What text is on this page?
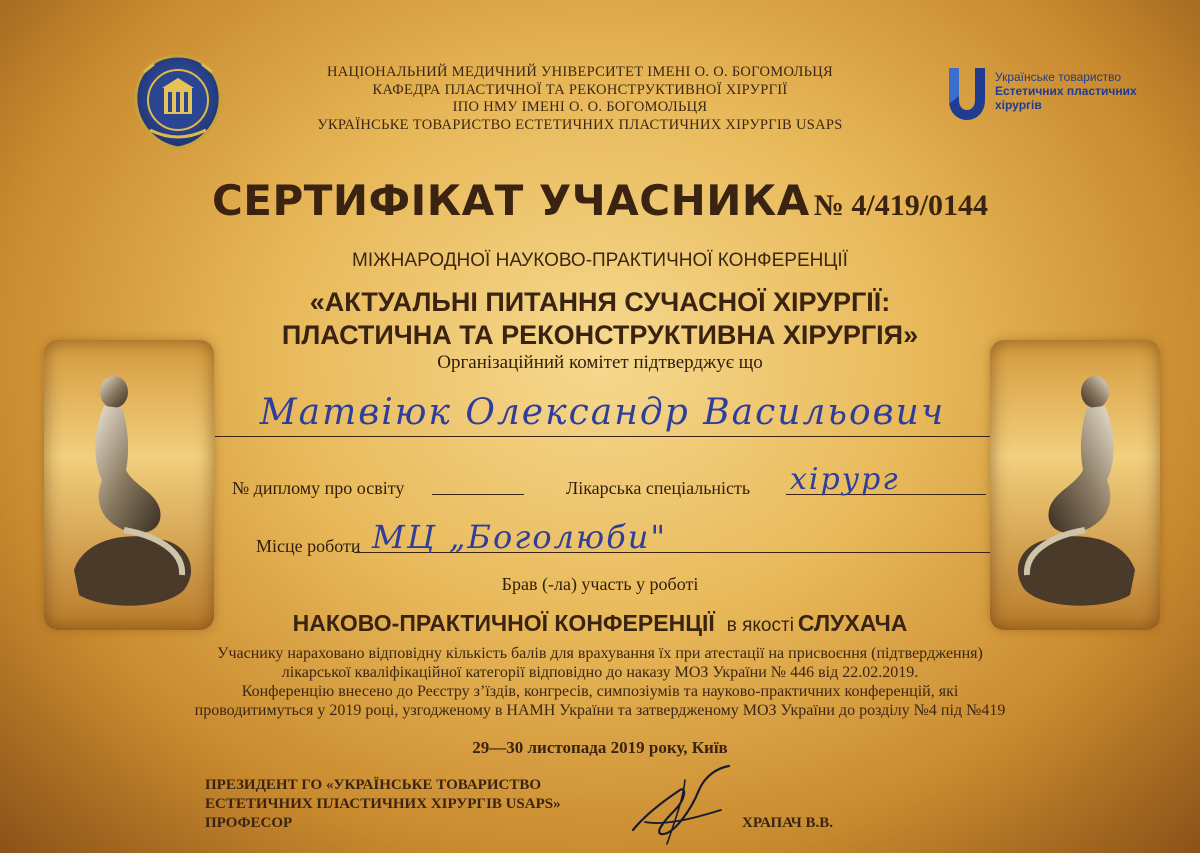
НАЦІОНАЛЬНИЙ МЕДИЧНИЙ УНІВЕРСИТЕТ ІМЕНІ О. О. БОГОМОЛЬЦЯ
КАФЕДРА ПЛАСТИЧНОЇ ТА РЕКОНСТРУКТИВНОЇ ХІРУРГІЇ
ІПО НМУ ІМЕНІ О. О. БОГОМОЛЬЦЯ
УКРАЇНСЬКЕ ТОВАРИСТВО ЕСТЕТИЧНИХ ПЛАСТИЧНИХ ХІРУРГІВ USAPS
Українське товариство
Естетичних пластичних
хірургів
СЕРТИФІКАТ УЧАСНИКА № 4/419/0144
МІЖНАРОДНОЇ НАУКОВО-ПРАКТИЧНОЇ КОНФЕРЕНЦІЇ
«АКТУАЛЬНІ ПИТАННЯ СУЧАСНОЇ ХІРУРГІЇ:
ПЛАСТИЧНА ТА РЕКОНСТРУКТИВНА ХІРУРГІЯ»
Організаційний комітет підтверджує що
Матвіюк Олександр Васильович
№ диплому про освіту	Лікарська спеціальність хірург
Місце роботи МЦ „Боголюби"
Брав (-ла) участь у роботі
НАКОВО-ПРАКТИЧНОЇ КОНФЕРЕНЦІЇ в якості СЛУХАЧА
Учаснику нараховано відповідну кількість балів для врахування їх при атестації на присвоєння (підтвердження)
лікарської кваліфікаційної категорії відповідно до наказу МОЗ України № 446 від 22.02.2019.
Конференцію внесено до Реєстру з’їздів, конгресів, симпозіумів та науково-практичних конференцій, які
проводитимуться у 2019 році, узгодженому в НАМН України та затвердженому МОЗ України до розділу №4 під №419
29—30 листопада 2019 року, Київ
ПРЕЗИДЕНТ ГО «УКРАЇНСЬКЕ ТОВАРИСТВО
ЕСТЕТИЧНИХ ПЛАСТИЧНИХ ХІРУРГІВ USAPS»
ПРОФЕСОР	ХРАПАЧ В.В.
